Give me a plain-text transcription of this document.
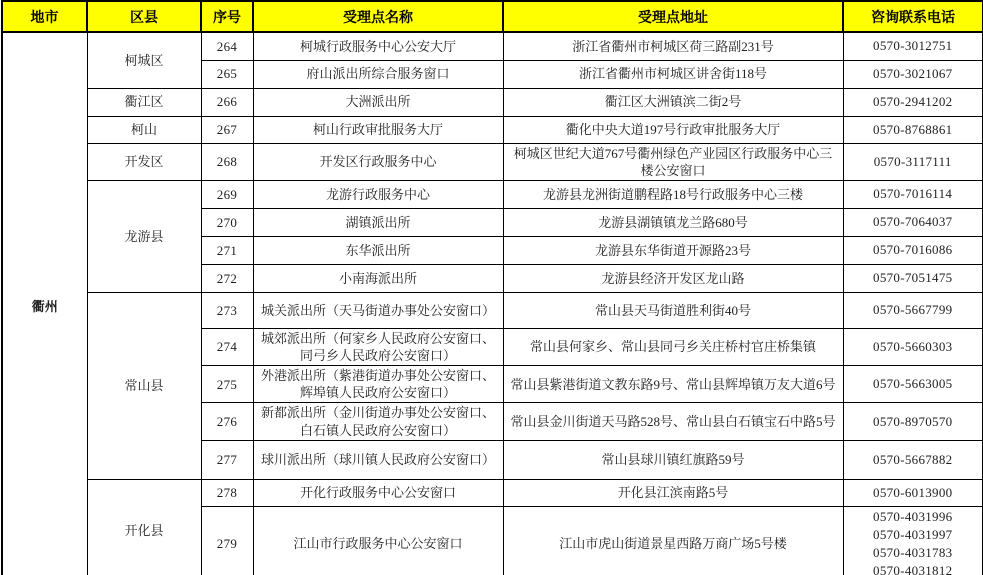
地市	区县	序号	受理点名称	受理点地址	咨询联系电话
衢州	柯城区	264	柯城行政服务中心公安大厅	浙江省衢州市柯城区荷三路副231号	0570-3012751

		265	府山派出所综合服务窗口	浙江省衢州市柯城区讲舍街118号	0570-3021067

	衢江区	266	大洲派出所	衢江区大洲镇滨二街2号	0570-2941202

	柯山	267	柯山行政审批服务大厅	衢化中央大道197号行政审批服务大厅	0570-8768861

	开发区	268	开发区行政服务中心	柯城区世纪大道767号衢州绿色产业园区行政服务中心三楼公安窗口	0570-3117111

	龙游县	269	龙游行政服务中心	龙游县龙洲街道鹏程路18号行政服务中心三楼	0570-7016114

		270	湖镇派出所	龙游县湖镇镇龙兰路680号	0570-7064037

		271	东华派出所	龙游县东华街道开源路23号	0570-7016086

		272	小南海派出所	龙游县经济开发区龙山路	0570-7051475

	常山县	273	城关派出所（天马街道办事处公安窗口）	常山县天马街道胜利街40号	0570-5667799

		274	城郊派出所（何家乡人民政府公安窗口、同弓乡人民政府公安窗口）	常山县何家乡、常山县同弓乡关庄桥村官庄桥集镇	0570-5660303

		275	外港派出所（紫港街道办事处公安窗口、辉埠镇人民政府公安窗口）	常山县紫港街道文教东路9号、常山县辉埠镇万友大道6号	0570-5663005

		276	新都派出所（金川街道办事处公安窗口、白石镇人民政府公安窗口）	常山县金川街道天马路528号、常山县白石镇宝石中路5号	0570-8970570

		277	球川派出所（球川镇人民政府公安窗口）	常山县球川镇红旗路59号	0570-5667882

	开化县	278	开化行政服务中心公安窗口	开化县江滨南路5号	0570-6013900

		279	江山市行政服务中心公安窗口	江山市虎山街道景星西路万商广场5号楼	0570-4031996
0570-4031997
0570-4031783
0570-4031812
